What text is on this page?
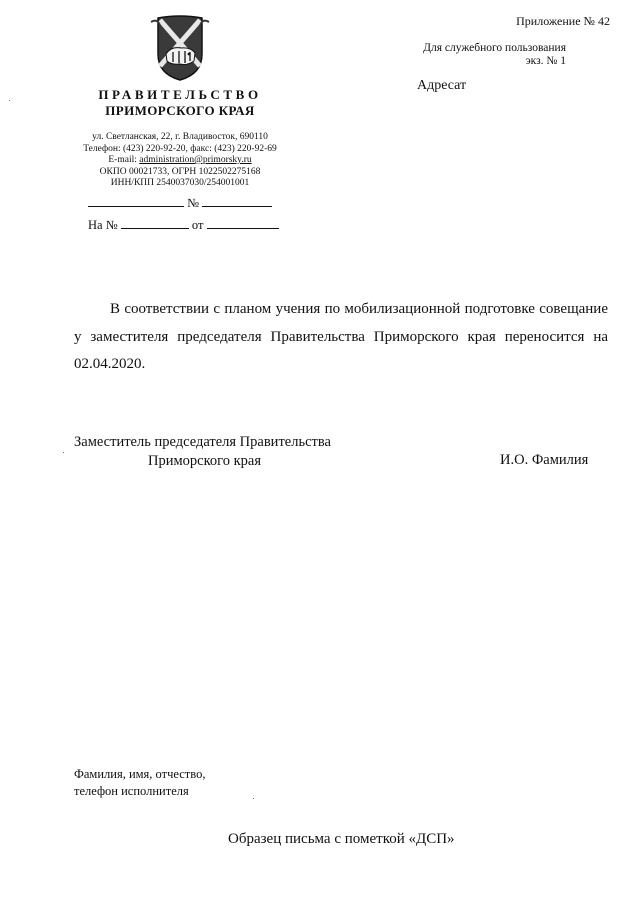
Приложение № 42
Для служебного пользования
экз. № 1
Адресат
ПРАВИТЕЛЬСТВО
ПРИМОРСКОГО КРАЯ
ул. Светланская, 22, г. Владивосток, 690110
Телефон: (423) 220-92-20, факс: (423) 220-92-69
E-mail: administration@primorsky.ru
ОКПО 00021733, ОГРН 1022502275168
ИНН/КПП 2540037030/254001001
№
На №	от
В соответствии с планом учения по мобилизационной подготовке совещание у заместителя председателя Правительства Приморского края переносится на 02.04.2020.
Заместитель председателя Правительства
Приморского края	И.О. Фамилия
Фамилия, имя, отчество,
телефон исполнителя
Образец письма с пометкой «ДСП»
